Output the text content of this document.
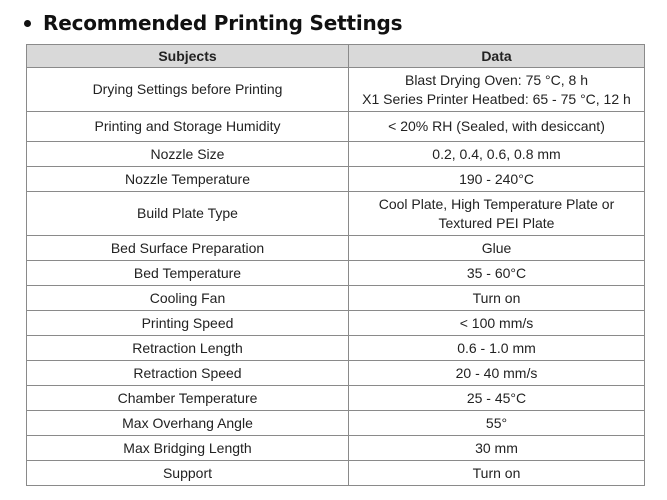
Recommended Printing Settings
Subjects	Data
Drying Settings before Printing	Blast Drying Oven: 75 °C, 8 h
X1 Series Printer Heatbed: 65 - 75 °C, 12 h

Printing and Storage Humidity	< 20% RH (Sealed, with desiccant)
Nozzle Size	0.2, 0.4, 0.6, 0.8 mm
Nozzle Temperature	190 - 240°C
Build Plate Type	Cool Plate, High Temperature Plate or
Textured PEI Plate

Bed Surface Preparation	Glue
Bed Temperature	35 - 60°C
Cooling Fan	Turn on
Printing Speed	< 100 mm/s
Retraction Length	0.6 - 1.0 mm
Retraction Speed	20 - 40 mm/s
Chamber Temperature	25 - 45°C
Max Overhang Angle	55°
Max Bridging Length	30 mm
Support	Turn on
